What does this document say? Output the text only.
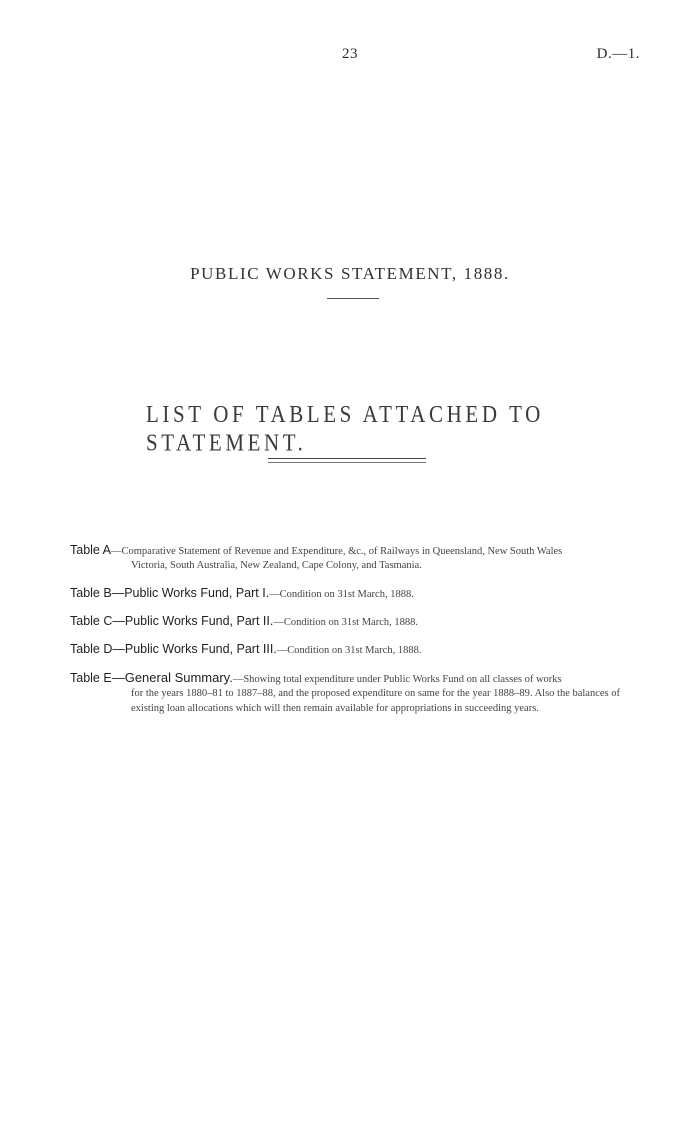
23	D.—1.
PUBLIC WORKS STATEMENT, 1888.
LIST OF TABLES ATTACHED TO STATEMENT.
Table A—Comparative Statement of Revenue and Expenditure, &c., of Railways in Queensland, New South Wales
Victoria, South Australia, New Zealand, Cape Colony, and Tasmania.
Table B—Public Works Fund, Part I.—Condition on 31st March, 1888.
Table C—Public Works Fund, Part II.—Condition on 31st March, 1888.
Table D—Public Works Fund, Part III.—Condition on 31st March, 1888.
Table E—General Summary.—Showing total expenditure under Public Works Fund on all classes of works
for the years 1880–81 to 1887–88, and the proposed expenditure on same for the year 1888–89. Also the balances of existing loan allocations which will then remain available for appropriations in succeeding years.
